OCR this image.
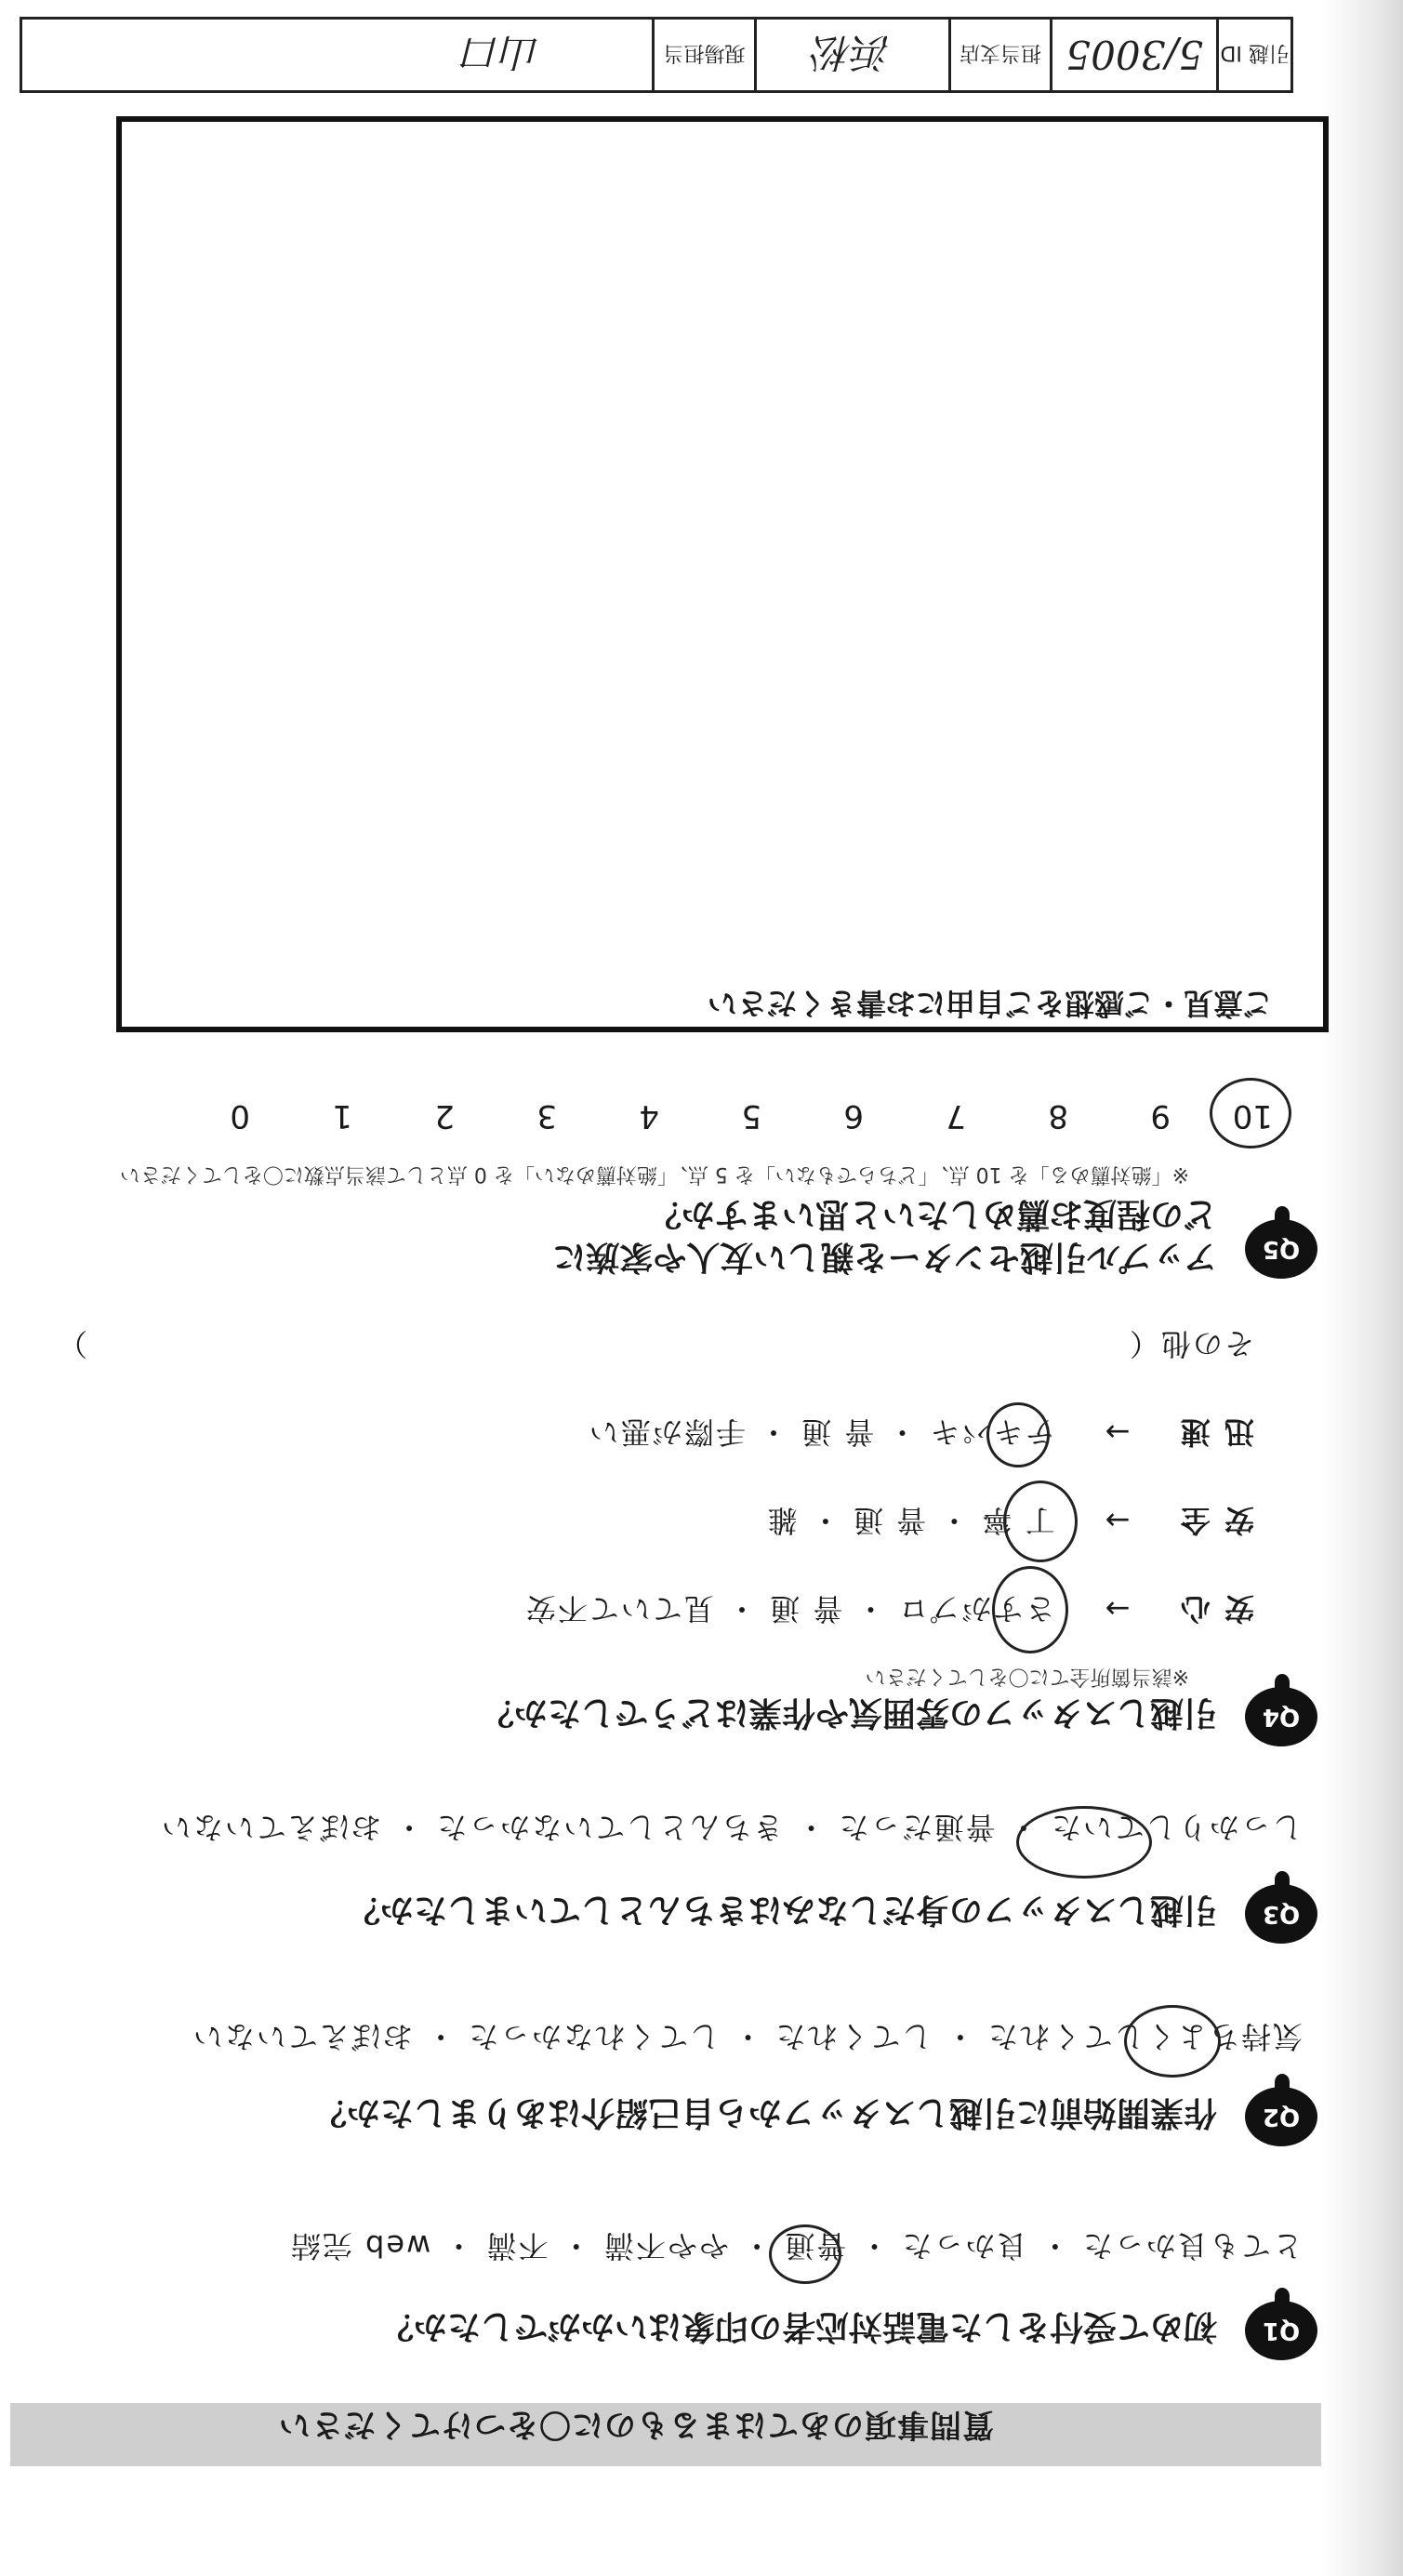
質問事項のあてはまるものに〇をつけてください
Q1
初めて受付をした電話対応者の印象はいかがでしたか？
とても良かった ・ 良かった ・ 普通 ・ やや不満 ・ 不満 ・ web 完結
Q2
作業開始前に引越しスタッフから自己紹介はありましたか？
気持ちよくしてくれた ・ してくれた ・ してくれなかった ・ おぼえていない
Q3
引越しスタッフの身だしなみはきちんとしていましたか？
しっかりしていた ・ 普通だった ・ きちんとしていなかった ・ おぼえていない
Q4
引越しスタッフの雰囲気や作業はどうでしたか？
※該当箇所全てに〇をしてください
安 心 → さすがプロ ・ 普 通 ・ 見ていて不安
安 全 → 丁 寧 ・ 普 通 ・ 雑
迅 速 → テキパキ ・ 普 通 ・ 手際が悪い
その他（
）
Q5
アップル引越センターを親しい友人や家族に
どの程度お薦めしたいと思いますか？
※「絶対薦める」を 10 点、「どちらでもない」を 5 点、「絶対薦めない」を 0 点として該当点数に〇をしてください
10
9
8
7
6
5
4
3
2
1
0
ご意見・ご感想をご自由にお書きください
引越 ID
5/3005
担当支店
浜松
現場担当
山口
